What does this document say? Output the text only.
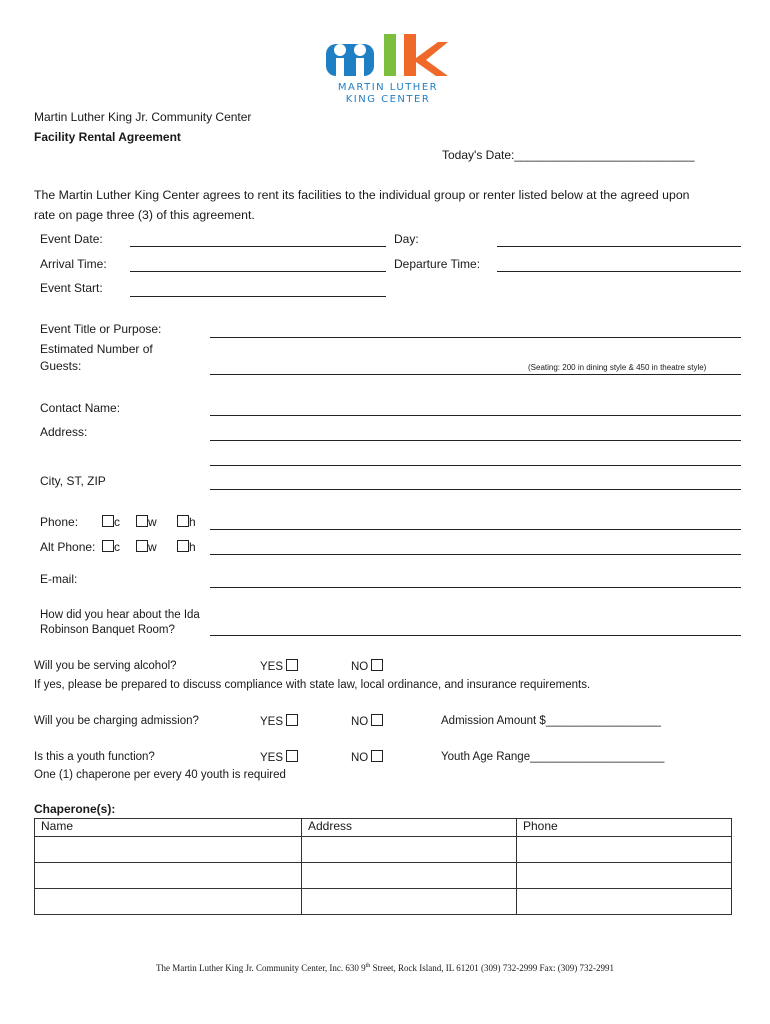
MARTIN LUTHER
KING CENTER
Martin Luther King Jr. Community Center
Facility Rental Agreement
Today's Date:___________________________
The Martin Luther King Center agrees to rent its facilities to the individual group or renter listed below at the agreed upon
rate on page three (3) of this agreement.
Event Date:	Day:
Arrival Time:	Departure Time:
Event Start:
Event Title or Purpose:
Estimated Number of
Guests:	(Seating: 200 in dining style & 450 in theatre style)
Contact Name:
Address:
City, ST, ZIP
Phone:	c	w	h
Alt Phone:	c	w	h
E-mail:
How did you hear about the Ida
Robinson Banquet Room?
Will you be serving alcohol?	YES	NO
If yes, please be prepared to discuss compliance with state law, local ordinance, and insurance requirements.
Will you be charging admission?	YES	NO	Admission Amount $__________________
Is this a youth function?	YES	NO	Youth Age Range_____________________
One (1) chaperone per every 40 youth is required
Chaperone(s):
Name	Address	Phone

The Martin Luther King Jr. Community Center, Inc. 630 9th Street, Rock Island, IL 61201 (309) 732-2999 Fax: (309) 732-2991
